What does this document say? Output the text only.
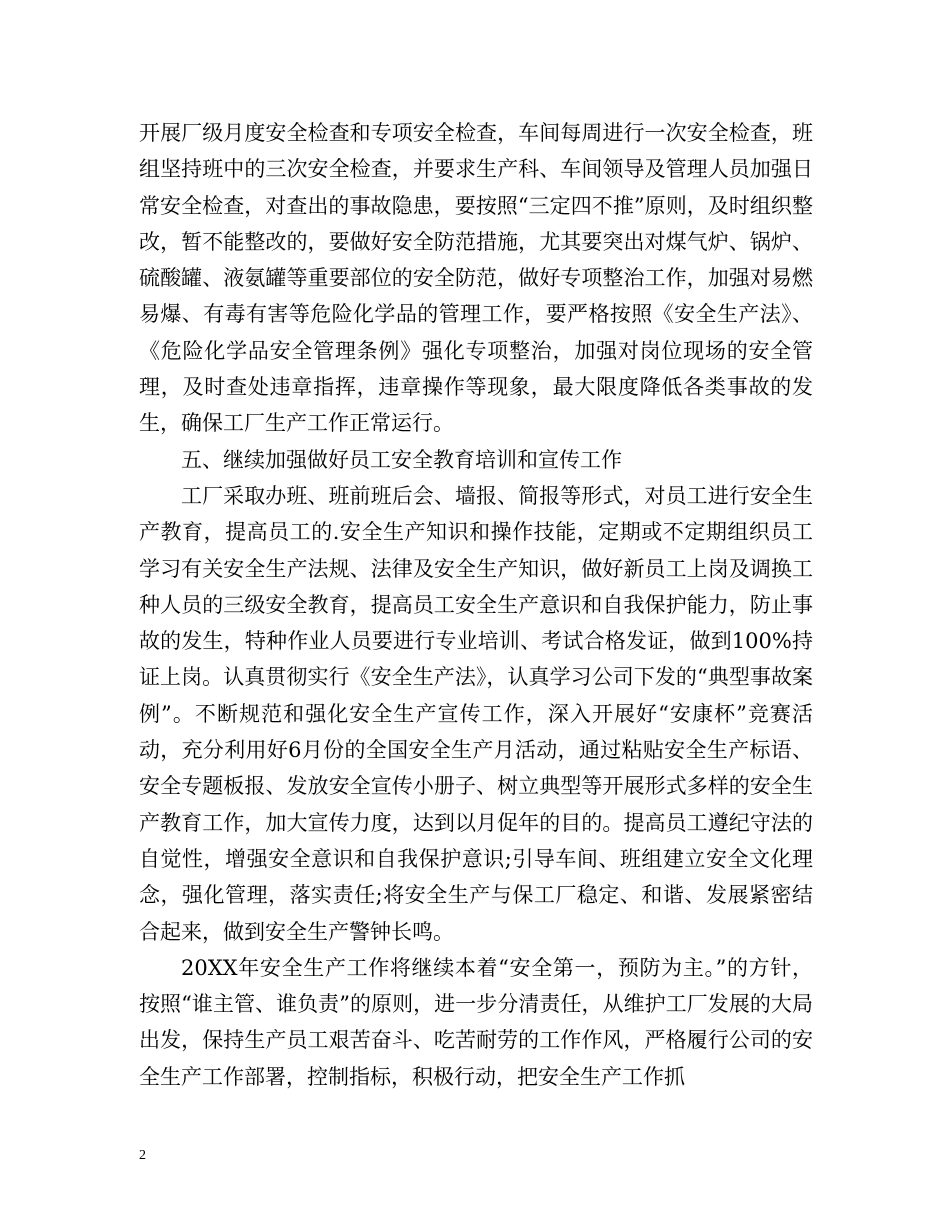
开展厂级月度安全检查和专项安全检查，车间每周进行一次安全检查，班组坚持班中的三次安全检查，并要求生产科、车间领导及管理人员加强日常安全检查，对查出的事故隐患，要按照“三定四不推”原则，及时组织整改，暂不能整改的，要做好安全防范措施，尤其要突出对煤气炉、锅炉、硫酸罐、液氨罐等重要部位的安全防范，做好专项整治工作，加强对易燃易爆、有毒有害等危险化学品的管理工作，要严格按照《安全生产法》、《危险化学品安全管理条例》强化专项整治，加强对岗位现场的安全管理，及时查处违章指挥，违章操作等现象，最大限度降低各类事故的发生，确保工厂生产工作正常运行。

五、继续加强做好员工安全教育培训和宣传工作

工厂采取办班、班前班后会、墙报、简报等形式，对员工进行安全生产教育，提高员工的.安全生产知识和操作技能，定期或不定期组织员工学习有关安全生产法规、法律及安全生产知识，做好新员工上岗及调换工种人员的三级安全教育，提高员工安全生产意识和自我保护能力，防止事故的发生，特种作业人员要进行专业培训、考试合格发证，做到100%持证上岗。认真贯彻实行《安全生产法》，认真学习公司下发的“典型事故案例”。不断规范和强化安全生产宣传工作，深入开展好“安康杯”竞赛活动，充分利用好6月份的全国安全生产月活动，通过粘贴安全生产标语、安全专题板报、发放安全宣传小册子、树立典型等开展形式多样的安全生产教育工作，加大宣传力度，达到以月促年的目的。提高员工遵纪守法的自觉性，增强安全意识和自我保护意识;引导车间、班组建立安全文化理念，强化管理，落实责任;将安全生产与保工厂稳定、和谐、发展紧密结合起来，做到安全生产警钟长鸣。

20XX年安全生产工作将继续本着“安全第一，预防为主。”的方针，按照“谁主管、谁负责”的原则，进一步分清责任，从维护工厂发展的大局出发，保持生产员工艰苦奋斗、吃苦耐劳的工作作风，严格履行公司的安全生产工作部署，控制指标，积极行动，把安全生产工作抓

2
